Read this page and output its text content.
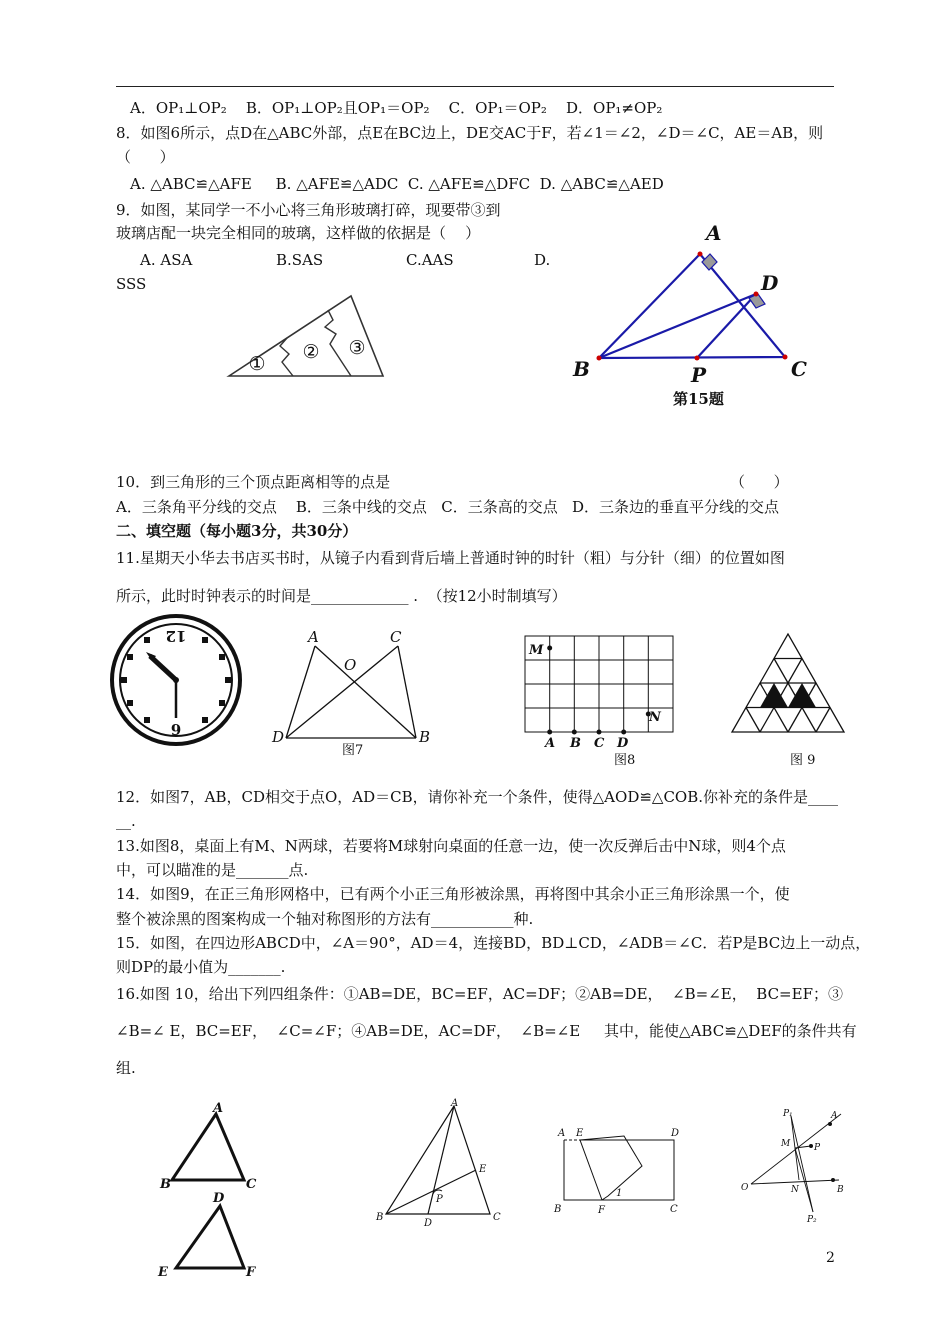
A．OP₁⊥OP₂    B．OP₁⊥OP₂且OP₁＝OP₂    C．OP₁＝OP₂    D．OP₁≠OP₂
8．如图6所示，点D在△ABC外部，点E在BC边上，DE交AC于F，若∠1＝∠2，∠D＝∠C，AE＝AB，则
（      ）
A. △ABC≌△AFE     B. △AFE≌△ADC  C. △AFE≌△DFC  D. △ABC≌△AED
9．如图，某同学一不小心将三角形玻璃打碎，现要带③到
玻璃店配一块完全相同的玻璃，这样做的依据是（    ）
A. ASA	B.SAS	C.AAS	D.
SSS
①
② ③
A
B	C
D
P
第15题
10．到三角形的三个顶点距离相等的点是	（      ）
A．三条角平分线的交点    B．三条中线的交点   C．三条高的交点   D．三条边的垂直平分线的交点
二、填空题（每小题3分，共30分）
11.星期天小华去书店买书时，从镜子内看到背后墙上普通时钟的时针（粗）与分针（细）的位置如图
所示，此时时钟表示的时间是_____________ .  （按12小时制填写）
12
6
A	C
O
D	B
图7
M
N
A B C D
图8	图 9
12．如图7，AB，CD相交于点O，AD＝CB，请你补充一个条件，使得△AOD≌△COB.你补充的条件是____
__.
13.如图8，桌面上有M、N两球，若要将M球射向桌面的任意一边，使一次反弹后击中N球，则4个点
中，可以瞄准的是_______点.
14．如图9，在正三角形网格中，已有两个小正三角形被涂黑，再将图中其余小正三角形涂黑一个，使
整个被涂黑的图案构成一个轴对称图形的方法有___________种.
15．如图，在四边形ABCD中，∠A＝90°，AD＝4，连接BD，BD⊥CD，∠ADB＝∠C．若P是BC边上一动点，
则DP的最小值为_______.
16.如图 10，给出下列四组条件：①AB=DE，BC=EF，AC=DF；②AB=DE，  ∠B=∠E，  BC=EF；③
∠B=∠ E，BC=EF，  ∠C=∠F；④AB=DE，AC=DF，  ∠B=∠E     其中，能使△ABC≌△DEF的条件共有
组.
A
B	C
D
E	F
A
E
P
B
D
C
A E	D
B	F	C
1
P₁	A
M	P
O	N	B
P₂
2
